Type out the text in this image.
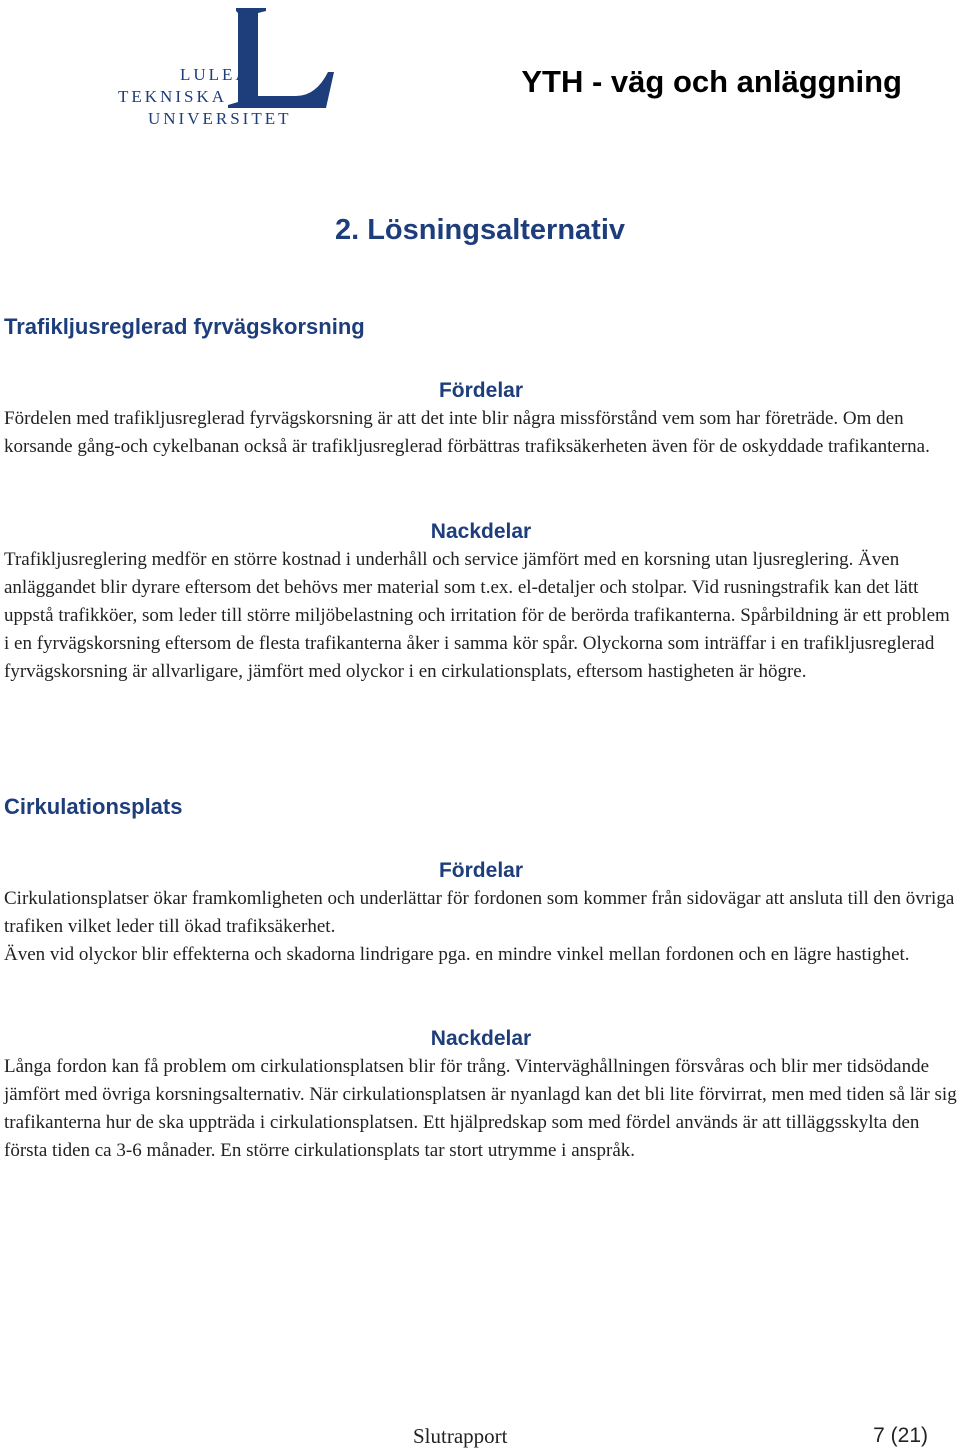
LULEÅ
TEKNISKA
UNIVERSITET
YTH - väg och anläggning
2. Lösningsalternativ
Trafikljusreglerad fyrvägskorsning
Fördelar

Fördelen med trafikljusreglerad fyrvägskorsning är att det inte blir några missförstånd vem som har företräde. Om den korsande gång-och cykelbanan också är trafikljusreglerad förbättras trafiksäkerheten även för de oskyddade trafikanterna.

Nackdelar

Trafikljusreglering medför en större kostnad i underhåll och service jämfört med en korsning utan ljusreglering. Även anläggandet blir dyrare eftersom det behövs mer material som t.ex. el-detaljer och stolpar. Vid rusningstrafik kan det lätt uppstå trafikköer, som leder till större miljöbelastning och irritation för de berörda trafikanterna. Spårbildning är ett problem i en fyrvägskorsning eftersom de flesta trafikanterna åker i samma kör spår. Olyckorna som inträffar i en trafikljusreglerad fyrvägskorsning är allvarligare, jämfört med olyckor i en cirkulationsplats, eftersom hastigheten är högre.

Cirkulationsplats
Fördelar

Cirkulationsplatser ökar framkomligheten och underlättar för fordonen som kommer från sidovägar att ansluta till den övriga trafiken vilket leder till ökad trafiksäkerhet.

Även vid olyckor blir effekterna och skadorna lindrigare pga. en mindre vinkel mellan fordonen och en lägre hastighet.

Nackdelar

Långa fordon kan få problem om cirkulationsplatsen blir för trång. Vinterväghållningen försvåras och blir mer tidsödande jämfört med övriga korsningsalternativ. När cirkulationsplatsen är nyanlagd kan det bli lite förvirrat, men med tiden så lär sig trafikanterna hur de ska uppträda i cirkulationsplatsen. Ett hjälpredskap som med fördel används är att tilläggsskylta den första tiden ca 3-6 månader. En större cirkulationsplats tar stort utrymme i anspråk.

Slutrapport	7 (21)
